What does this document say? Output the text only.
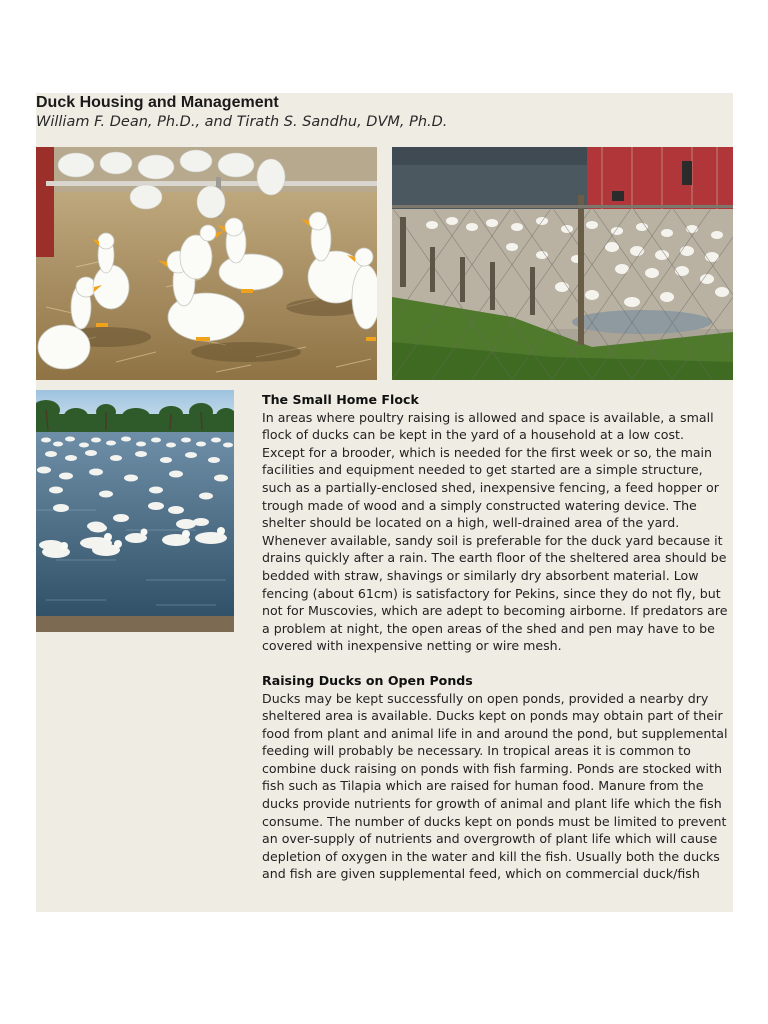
Duck Housing and Management
William F. Dean, Ph.D., and Tirath S. Sandhu, DVM, Ph.D.
The Small Home Flock

In areas where poultry raising is allowed and space is available, a small

flock of ducks can be kept in the yard of a household at a low cost.

Except for a brooder, which is needed for the first week or so, the main

facilities and equipment needed to get started are a simple structure,

such as a partially-enclosed shed, inexpensive fencing, a feed hopper or

trough made of wood and a simply constructed watering device. The

shelter should be located on a high, well-drained area of the yard.

Whenever available, sandy soil is preferable for the duck yard because it

drains quickly after a rain. The earth floor of the sheltered area should be

bedded with straw, shavings or similarly dry absorbent material. Low

fencing (about 61cm) is satisfactory for Pekins, since they do not fly, but

not for Muscovies, which are adept to becoming airborne. If predators are

a problem at night, the open areas of the shed and pen may have to be

covered with inexpensive netting or wire mesh.

Raising Ducks on Open Ponds

Ducks may be kept successfully on open ponds, provided a nearby dry

sheltered area is available. Ducks kept on ponds may obtain part of their

food from plant and animal life in and around the pond, but supplemental

feeding will probably be necessary. In tropical areas it is common to

combine duck raising on ponds with fish farming. Ponds are stocked with

fish such as Tilapia which are raised for human food. Manure from the

ducks provide nutrients for growth of animal and plant life which the fish

consume. The number of ducks kept on ponds must be limited to prevent

an over-supply of nutrients and overgrowth of plant life which will cause

depletion of oxygen in the water and kill the fish. Usually both the ducks

and fish are given supplemental feed, which on commercial duck/fish
